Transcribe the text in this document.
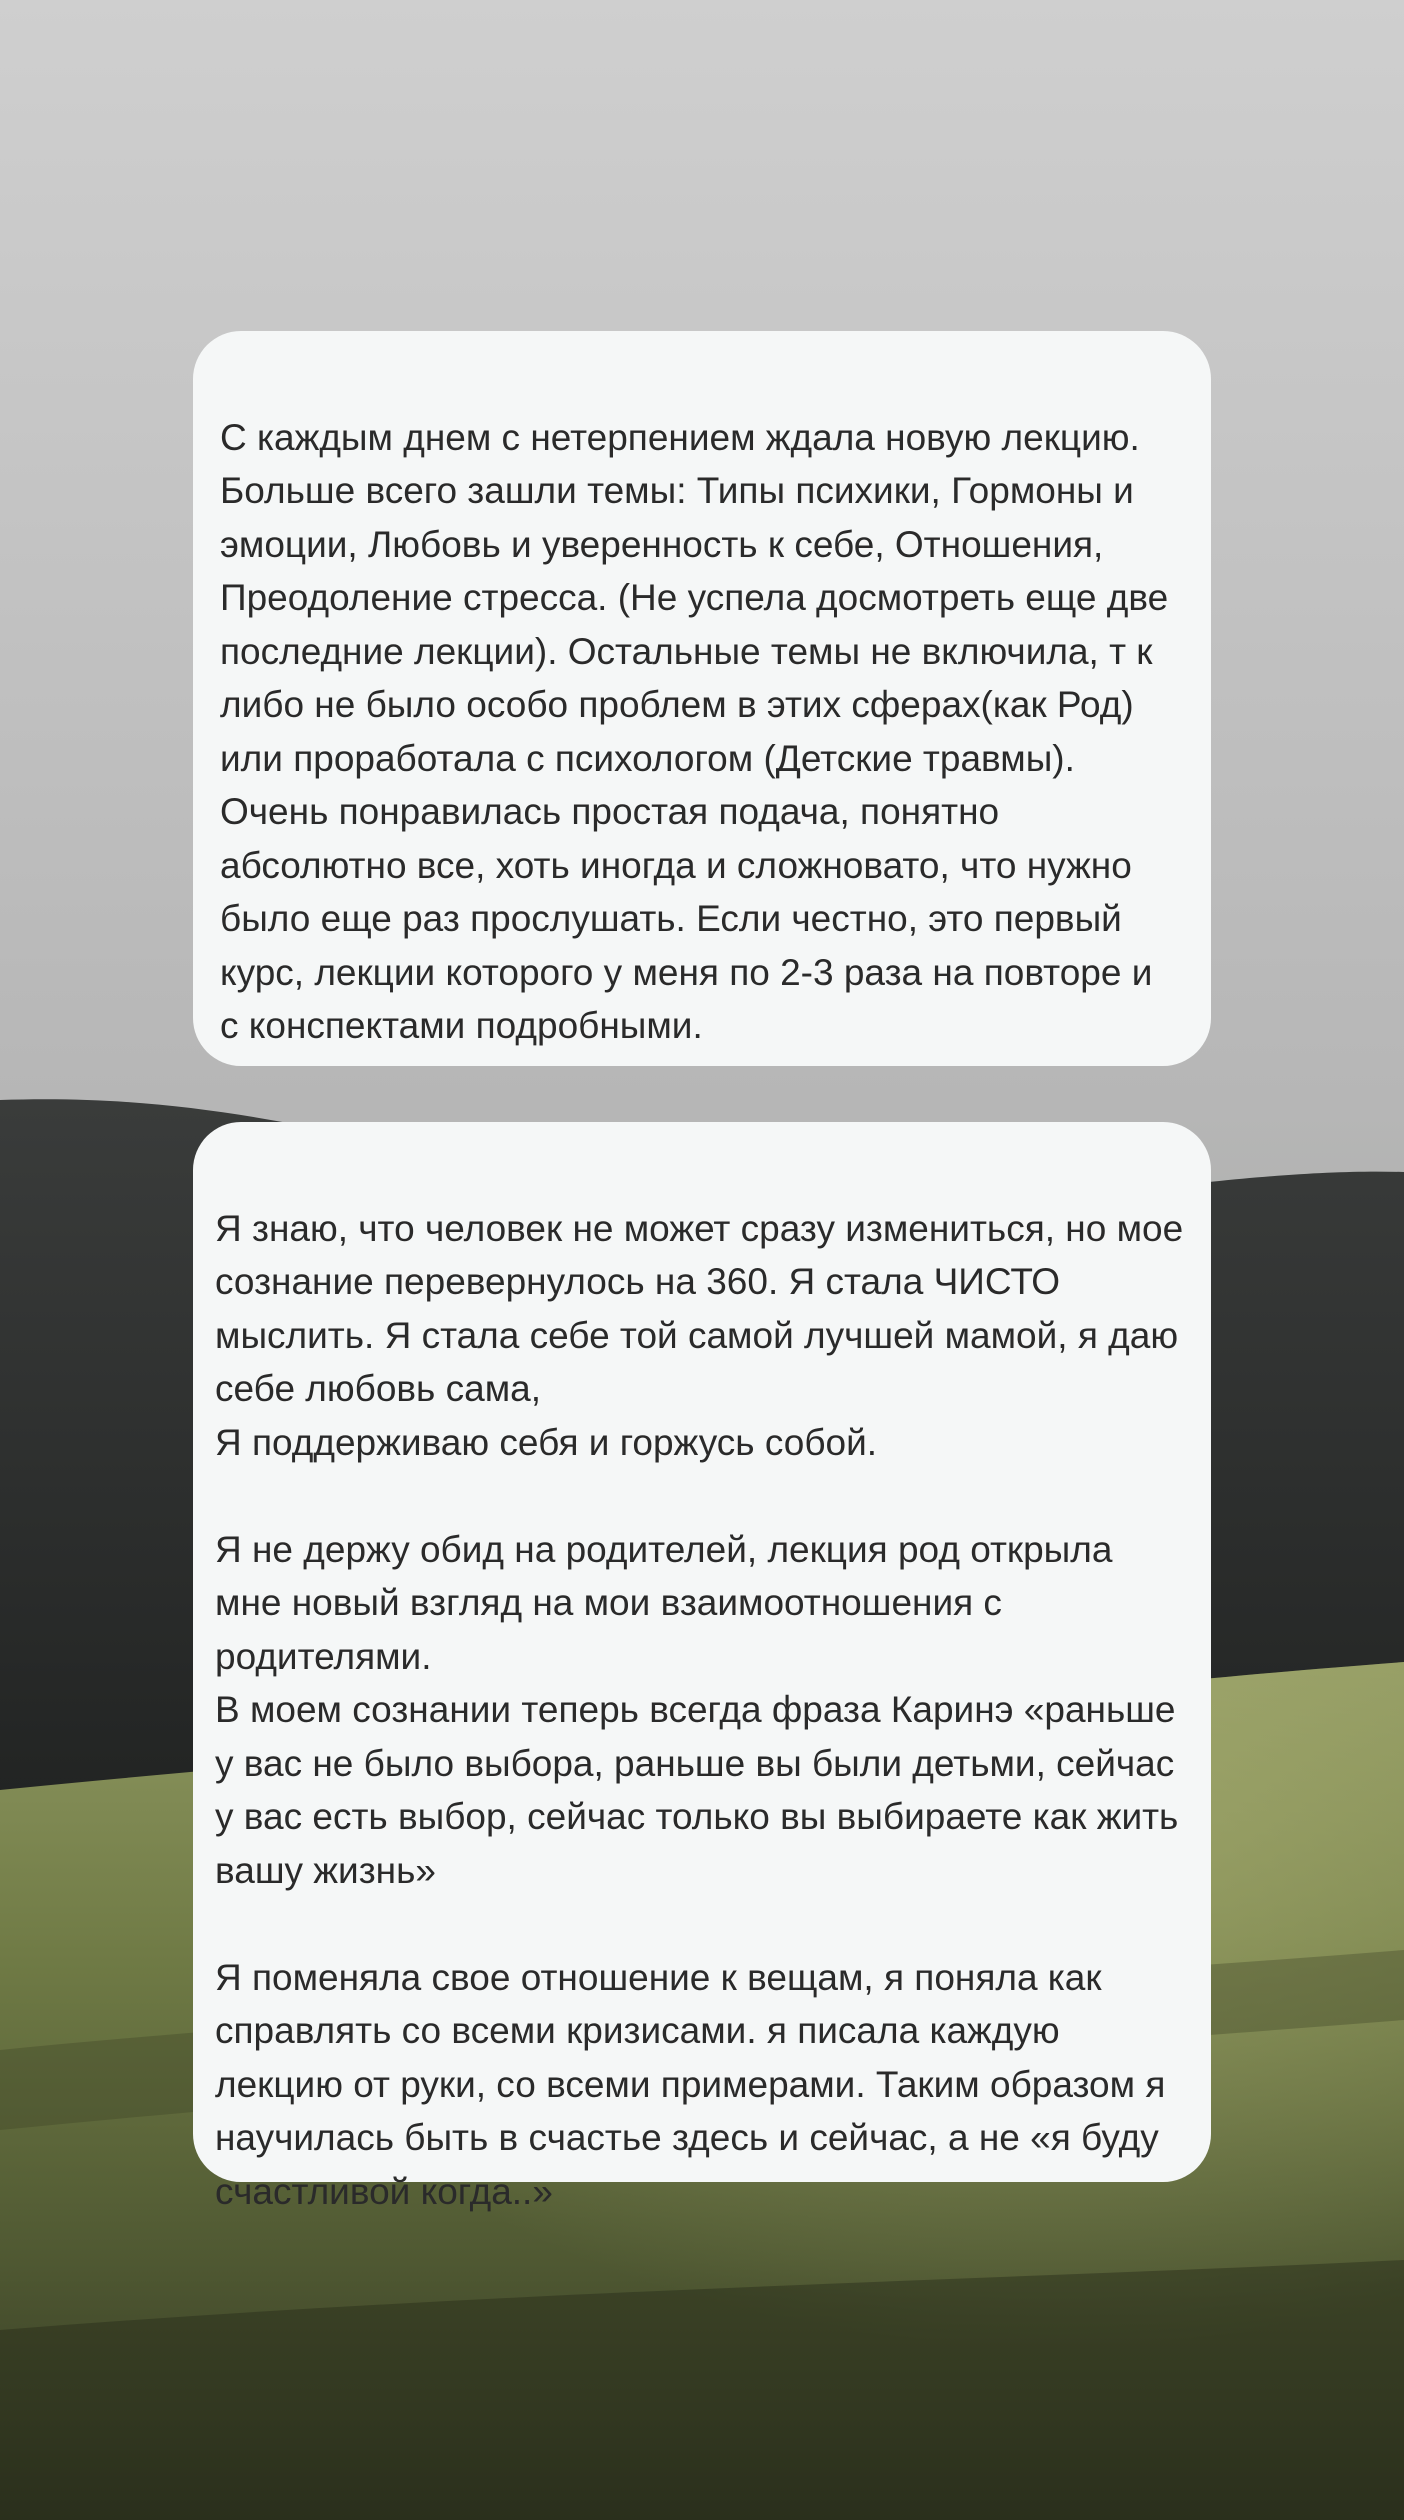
С каждым днем с нетерпением ждала новую лекцию. Больше всего зашли темы: Типы психики, Гормоны и эмоции, Любовь и уверенность к себе, Отношения, Преодоление стресса. (Не успела досмотреть еще две последние лекции). Остальные темы не включила, т к либо не было особо проблем в этих сферах(как Род) или проработала с психологом (Детские травмы). Очень понравилась простая подача, понятно абсолютно все, хоть иногда и сложновато, что нужно было еще раз прослушать. Если честно, это первый курс, лекции которого у меня по 2-3 раза на повторе и с конспектами подробными.

Я знаю, что человек не может сразу измениться, но мое сознание перевернулось на 360. Я стала ЧИСТО мыслить. Я стала себе той самой лучшей мамой, я даю себе любовь сама,
Я поддерживаю себя и горжусь собой.

Я не держу обид на родителей, лекция род открыла мне новый взгляд на мои взаимоотношения с родителями.
В моем сознании теперь всегда фраза Каринэ «раньше у вас не было выбора, раньше вы были детьми, сейчас у вас есть выбор, сейчас только вы выбираете как жить вашу жизнь»

Я поменяла свое отношение к вещам, я поняла как справлять со всеми кризисами. я писала каждую лекцию от руки, со всеми примерами. Таким образом я научилась быть в счастье здесь и сейчас, а не «я буду счастливой когда..»
